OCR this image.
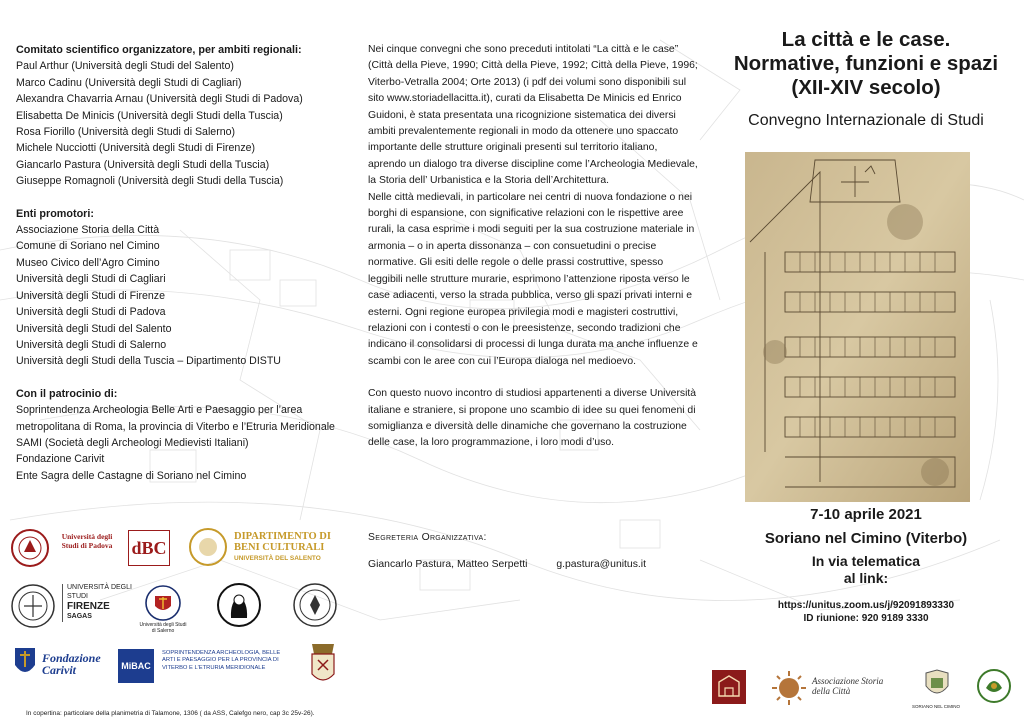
Comitato scientifico organizzatore, per ambiti regionali:
Paul Arthur (Università degli Studi del Salento)
Marco Cadinu (Università degli Studi di Cagliari)
Alexandra Chavarria Arnau (Università degli Studi di Padova)
Elisabetta De Minicis (Università degli Studi della Tuscia)
Rosa Fiorillo (Università degli Studi di Salerno)
Michele Nucciotti (Università degli Studi di Firenze)
Giancarlo Pastura (Università degli Studi della Tuscia)
Giuseppe Romagnoli (Università degli Studi della Tuscia)
Enti promotori:
Associazione Storia della Città
Comune di Soriano nel Cimino
Museo Civico dell’Agro Cimino
Università degli Studi di Cagliari
Università degli Studi di Firenze
Università degli Studi di Padova
Università degli Studi del Salento
Università degli Studi di Salerno
Università degli Studi della Tuscia – Dipartimento DISTU
Con il patrocinio di:
Soprintendenza Archeologia Belle Arti e Paesaggio per l’area
metropolitana di Roma, la provincia di Viterbo e l’Etruria Meridionale
SAMI (Società degli Archeologi Medievisti Italiani)
Fondazione Carivit
Ente Sagra delle Castagne di Soriano nel Cimino

Nei cinque convegni che sono preceduti intitolati “La città e le case” (Città della Pieve, 1990; Città della Pieve, 1992; Città della Pieve, 1996; Viterbo-Vetralla 2004; Orte 2013) (i pdf dei volumi sono disponibili sul sito www.storiadellacitta.it), curati da Elisabetta De Minicis ed Enrico Guidoni, è stata presentata una ricognizione sistematica dei diversi ambiti prevalentemente regionali in modo da ottenere uno spaccato importante delle strutture originali presenti sul territorio italiano, aprendo un dialogo tra diverse discipline come l’Archeologia Medievale, la Storia dell’ Urbanistica e la Storia dell’Architettura.

Nelle città medievali, in particolare nei centri di nuova fondazione o nei borghi di espansione, con significative relazioni con le rispettive aree rurali, la casa esprime i modi seguiti per la sua costruzione materiale in armonia – o in aperta dissonanza – con consuetudini o precise normative. Gli esiti delle regole o delle prassi costruttive, spesso leggibili nelle strutture murarie, esprimono l’attenzione riposta verso le case adiacenti, verso la strada pubblica, verso gli spazi privati interni e esterni. Ogni regione europea privilegia modi e magisteri costruttivi, relazioni con i contesti o con le preesistenze, secondo tradizioni che indicano il consolidarsi di processi di lunga durata ma anche influenze e scambi con le aree con cui l’Europa dialoga nel medioevo.

Con questo nuovo incontro di studiosi appartenenti a diverse Università italiane e straniere, si propone uno scambio di idee su quei fenomeni di somiglianza e diversità delle dinamiche che governano la costruzione delle case, la loro programmazione, i loro modi d’uso.

Segreteria Organizzativa:
Giancarlo Pastura, Matteo Serpetti	g.pastura@unitus.it
La città e le case.
Normative, funzioni e spazi
(XII-XIV secolo)
Convegno Internazionale di Studi
7-10 aprile 2021
Soriano nel Cimino (Viterbo)
In via telematica
al link:
https://unitus.zoom.us/j/92091893330
ID riunione: 920 9189 3330
Università degli Studi di Padova	dBC
DIPARTIMENTO DI BENI CULTURALI
UNIVERSITÀ DEL SALENTO
UNIVERSITÀ DEGLI STUDI
FIRENZE
SAGAS
Università degli Studi di Salerno
Fondazione Carivit	MiBAC
SOPRINTENDENZA ARCHEOLOGIA, BELLE ARTI E PAESAGGIO PER LA PROVINCIA DI VITERBO E L’ETRURIA MERIDIONALE
Associazione Storia della Città
SORIANO NEL CIMINO
In copertina: particolare della planimetria di Talamone, 1306 ( da ASS, Calefgo nero, cap 3c 25v-26).
